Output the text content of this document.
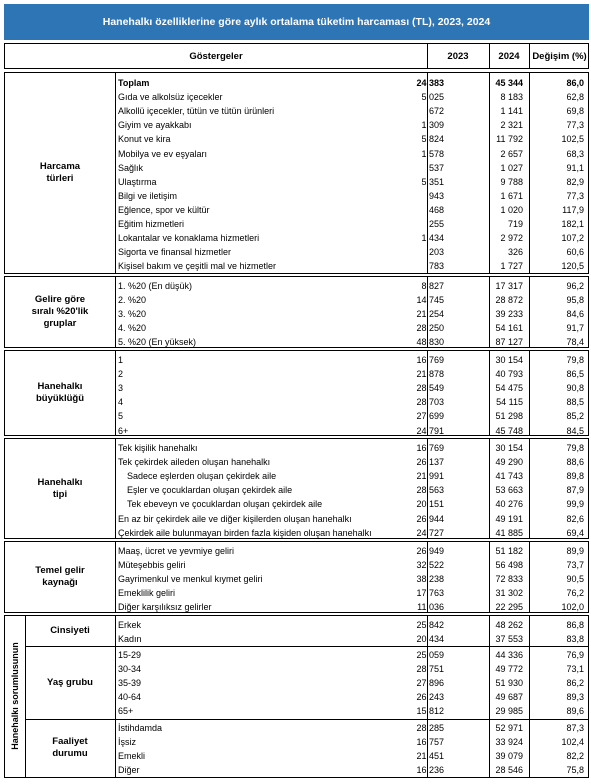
Hanehalkı özelliklerine göre aylık ortalama tüketim harcaması (TL), 2023, 2024
Göstergeler	2023	2024	Değişim (%)
Harcama
türleri
Toplam	24 383	45 344	86,0
Gıda ve alkolsüz içecekler	5 025	8 183	62,8
Alkollü içecekler, tütün ve tütün ürünleri	672	1 141	69,8
Giyim ve ayakkabı	1 309	2 321	77,3
Konut ve kira	5 824	11 792	102,5
Mobilya ve ev eşyaları	1 578	2 657	68,3
Sağlık	537	1 027	91,1
Ulaştırma	5 351	9 788	82,9
Bilgi ve iletişim	943	1 671	77,3
Eğlence, spor ve kültür	468	1 020	117,9
Eğitim hizmetleri	255	719	182,1
Lokantalar ve konaklama hizmetleri	1 434	2 972	107,2
Sigorta ve finansal hizmetler	203	326	60,6
Kişisel bakım ve çeşitli mal ve hizmetler	783	1 727	120,5
Gelire göre
sıralı %20'lik
gruplar
1. %20 (En düşük)	8 827	17 317	96,2
2. %20	14 745	28 872	95,8
3. %20	21 254	39 233	84,6
4. %20	28 250	54 161	91,7
5. %20 (En yüksek)	48 830	87 127	78,4
Hanehalkı
büyüklüğü
1	16 769	30 154	79,8
2	21 878	40 793	86,5
3	28 549	54 475	90,8
4	28 703	54 115	88,5
5	27 699	51 298	85,2
6+	24 791	45 748	84,5
Hanehalkı
tipi
Tek kişilik hanehalkı	16 769	30 154	79,8
Tek çekirdek aileden oluşan hanehalkı	26 137	49 290	88,6
Sadece eşlerden oluşan çekirdek aile	21 991	41 743	89,8
Eşler ve çocuklardan oluşan çekirdek aile	28 563	53 663	87,9
Tek ebeveyn ve çocuklardan oluşan çekirdek aile	20 151	40 276	99,9
En az bir çekirdek aile ve diğer kişilerden oluşan hanehalkı	26 944	49 191	82,6
Çekirdek aile bulunmayan birden fazla kişiden oluşan hanehalkı	24 727	41 885	69,4
Temel gelir
kaynağı
Maaş, ücret ve yevmiye geliri	26 949	51 182	89,9
Müteşebbis geliri	32 522	56 498	73,7
Gayrimenkul ve menkul kıymet geliri	38 238	72 833	90,5
Emeklilik geliri	17 763	31 302	76,2
Diğer karşılıksız gelirler	11 036	22 295	102,0
Hanehalkı sorumlusunun
Cinsiyeti	Erkek	25 842	48 262	86,8
Kadın	20 434	37 553	83,8
Yaş grubu
15-29	25 059	44 336	76,9
30-34	28 751	49 772	73,1
35-39	27 896	51 930	86,2
40-64	26 243	49 687	89,3
65+	15 812	29 985	89,6
Faaliyet
durumu
İstihdamda	28 285	52 971	87,3
İşsiz	16 757	33 924	102,4
Emekli	21 451	39 079	82,2
Diğer	16 236	28 546	75,8
